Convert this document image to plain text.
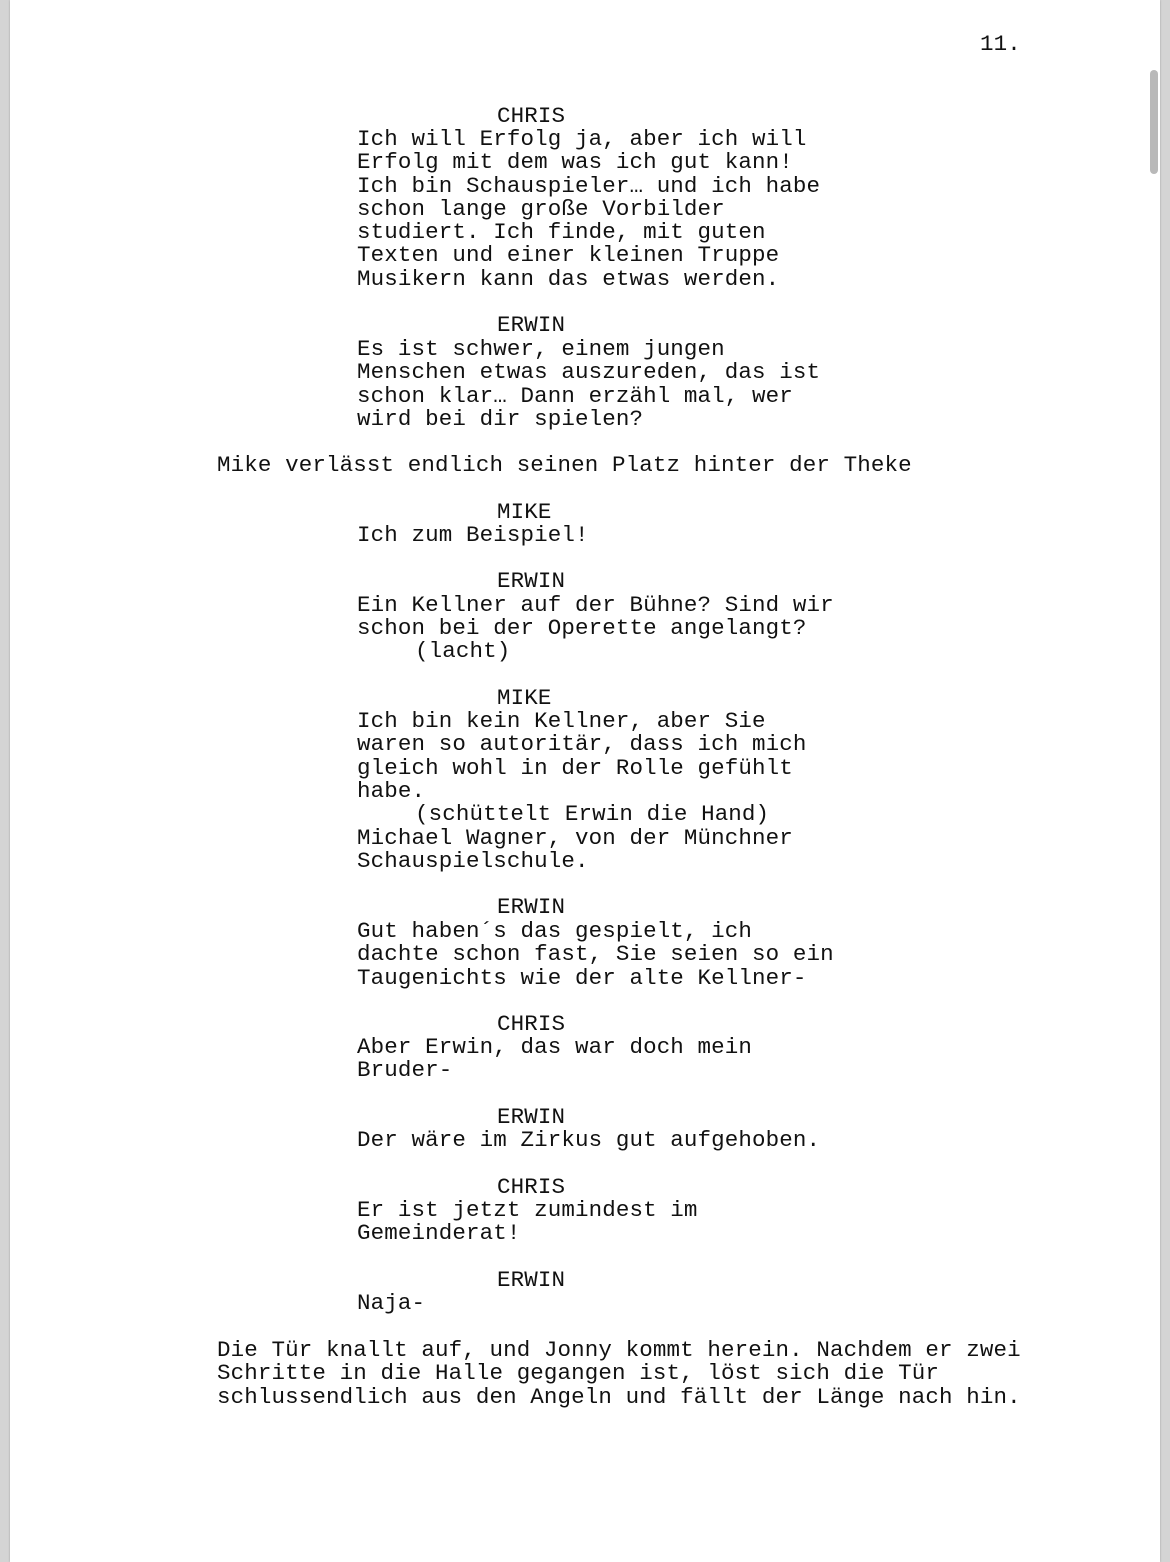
11.
CHRIS
Ich will Erfolg ja, aber ich will
Erfolg mit dem was ich gut kann!
Ich bin Schauspieler… und ich habe
schon lange große Vorbilder
studiert. Ich finde, mit guten
Texten und einer kleinen Truppe
Musikern kann das etwas werden.
ERWIN
Es ist schwer, einem jungen
Menschen etwas auszureden, das ist
schon klar… Dann erzähl mal, wer
wird bei dir spielen?
Mike verlässt endlich seinen Platz hinter der Theke
MIKE
Ich zum Beispiel!
ERWIN
Ein Kellner auf der Bühne? Sind wir
schon bei der Operette angelangt?
(lacht)
MIKE
Ich bin kein Kellner, aber Sie
waren so autoritär, dass ich mich
gleich wohl in der Rolle gefühlt
habe.
(schüttelt Erwin die Hand)
Michael Wagner, von der Münchner
Schauspielschule.
ERWIN
Gut haben´s das gespielt, ich
dachte schon fast, Sie seien so ein
Taugenichts wie der alte Kellner-
CHRIS
Aber Erwin, das war doch mein
Bruder-
ERWIN
Der wäre im Zirkus gut aufgehoben.
CHRIS
Er ist jetzt zumindest im
Gemeinderat!
ERWIN
Naja-
Die Tür knallt auf, und Jonny kommt herein. Nachdem er zwei
Schritte in die Halle gegangen ist, löst sich die Tür
schlussendlich aus den Angeln und fällt der Länge nach hin.
